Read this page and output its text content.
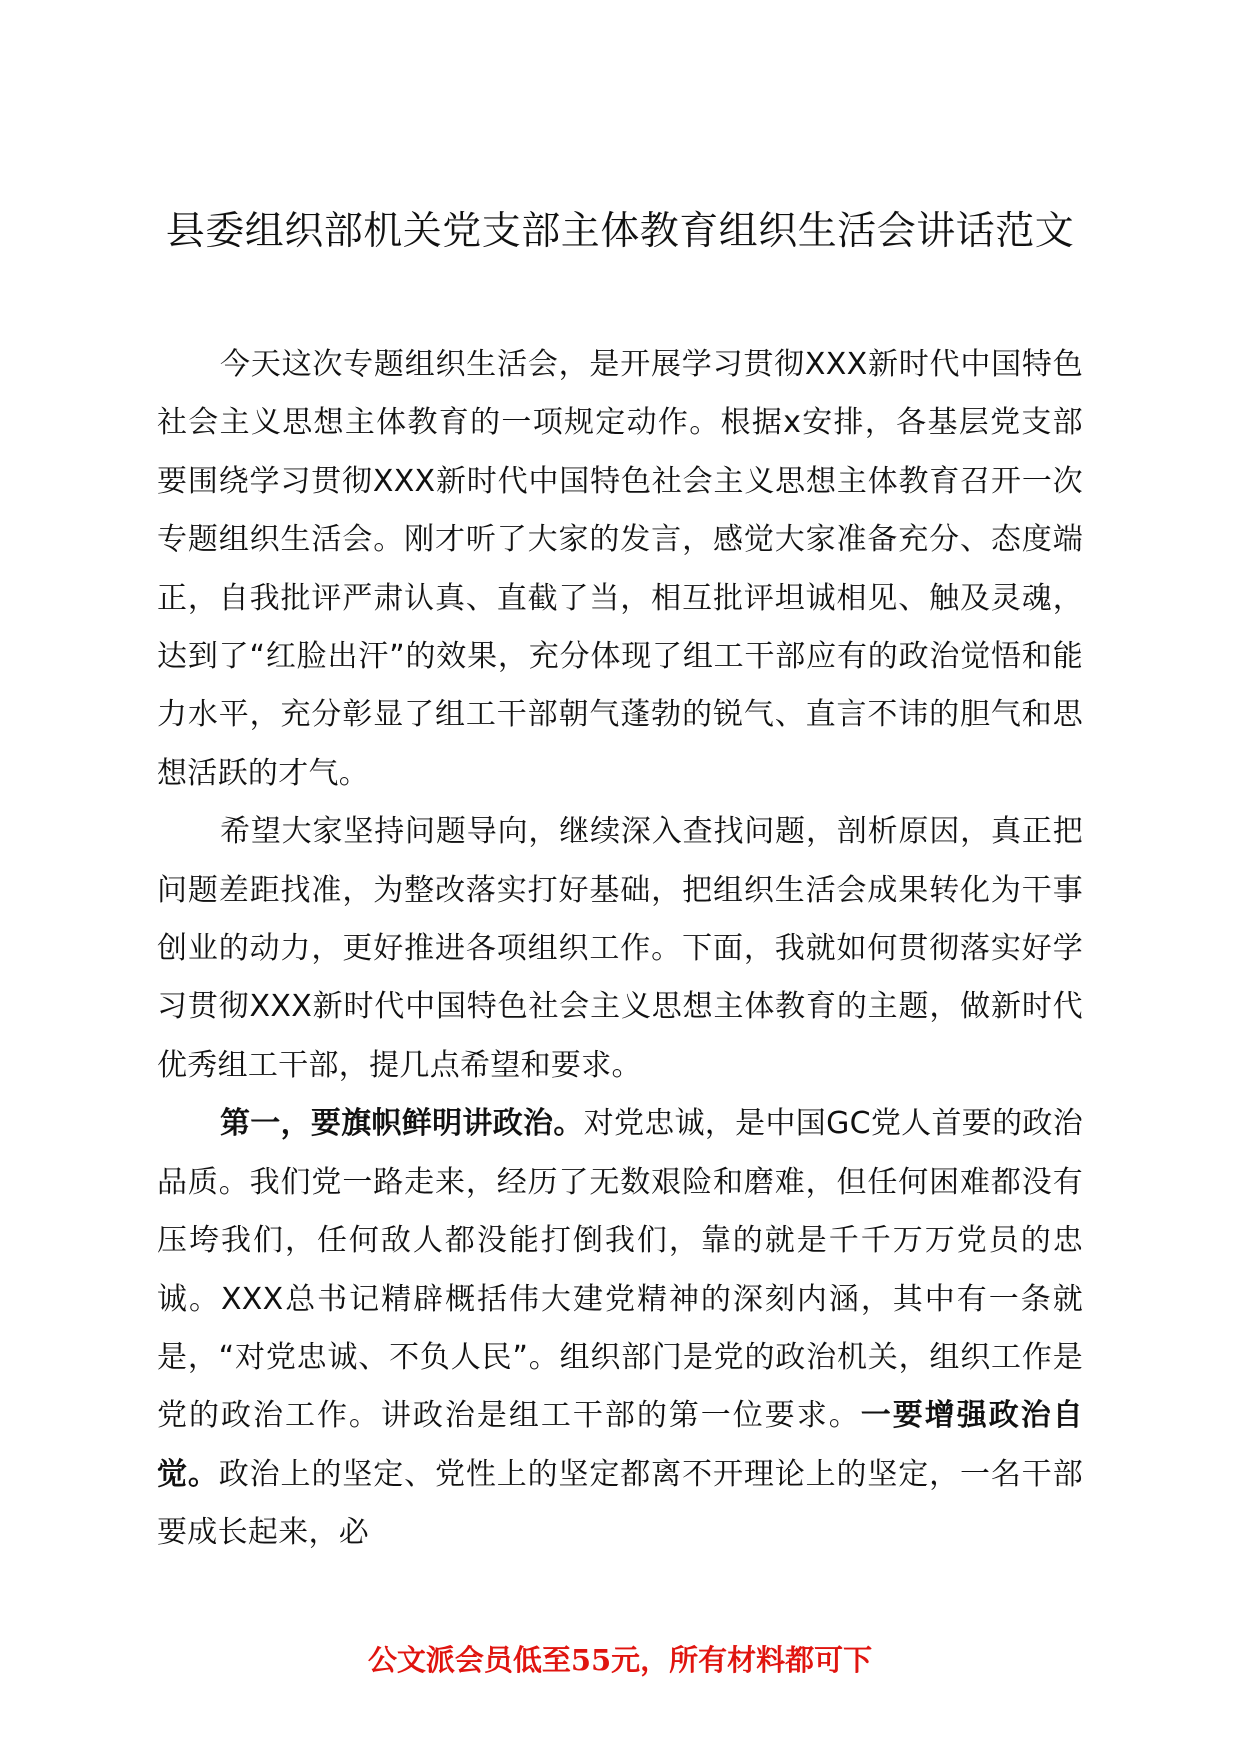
县委组织部机关党支部主体教育组织生活会讲话范文

今天这次专题组织生活会，是开展学习贯彻XXX新时代中国特色社会主义思想主体教育的一项规定动作。根据x安排，各基层党支部要围绕学习贯彻XXX新时代中国特色社会主义思想主体教育召开一次专题组织生活会。刚才听了大家的发言，感觉大家准备充分、态度端正，自我批评严肃认真、直截了当，相互批评坦诚相见、触及灵魂，达到了“红脸出汗”的效果，充分体现了组工干部应有的政治觉悟和能力水平，充分彰显了组工干部朝气蓬勃的锐气、直言不讳的胆气和思想活跃的才气。

希望大家坚持问题导向，继续深入查找问题，剖析原因，真正把问题差距找准，为整改落实打好基础，把组织生活会成果转化为干事创业的动力，更好推进各项组织工作。下面，我就如何贯彻落实好学习贯彻XXX新时代中国特色社会主义思想主体教育的主题，做新时代优秀组工干部，提几点希望和要求。

第一，要旗帜鲜明讲政治。对党忠诚，是中国GC党人首要的政治品质。我们党一路走来，经历了无数艰险和磨难，但任何困难都没有压垮我们，任何敌人都没能打倒我们，靠的就是千千万万党员的忠诚。XXX总书记精辟概括伟大建党精神的深刻内涵，其中有一条就是，“对党忠诚、不负人民”。组织部门是党的政治机关，组织工作是党的政治工作。讲政治是组工干部的第一位要求。一要增强政治自觉。政治上的坚定、党性上的坚定都离不开理论上的坚定，一名干部要成长起来，必

公文派会员低至55元，所有材料都可下
